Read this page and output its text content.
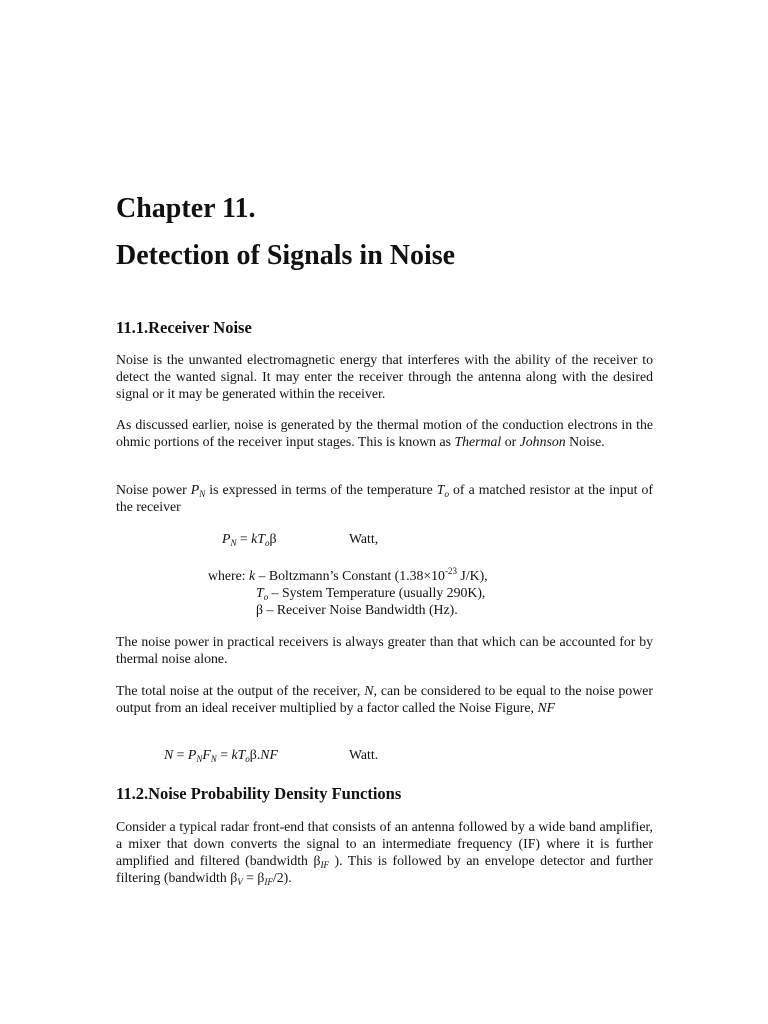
Chapter 11.
Detection of Signals in Noise
11.1.Receiver Noise

Noise is the unwanted electromagnetic energy that interferes with the ability of the receiver to detect the wanted signal. It may enter the receiver through the antenna along with the desired signal or it may be generated within the receiver.

As discussed earlier, noise is generated by the thermal motion of the conduction electrons in the ohmic portions of the receiver input stages. This is known as Thermal or Johnson Noise.

Noise power $P_N$ is expressed in terms of the temperature $T_o$ of a matched resistor at the input of the receiver

$P_N = kT_o\beta$	Watt,
where: k – Boltzmann’s Constant ($1.38\times 10^{-23}$ J/K),
$T_o$ – System Temperature (usually 290K),
β – Receiver Noise Bandwidth (Hz).

The noise power in practical receivers is always greater than that which can be accounted for by thermal noise alone.

The total noise at the output of the receiver, N, can be considered to be equal to the noise power output from an ideal receiver multiplied by a factor called the Noise Figure, NF

$N = P_NF_N = kT_o\beta.NF$	Watt.
11.2.Noise Probability Density Functions

Consider a typical radar front-end that consists of an antenna followed by a wide band amplifier, a mixer that down converts the signal to an intermediate frequency (IF) where it is further amplified and filtered (bandwidth $\beta_{IF}$ ). This is followed by an envelope detector and further filtering (bandwidth $\beta_V = \beta_{IF}/2$).
